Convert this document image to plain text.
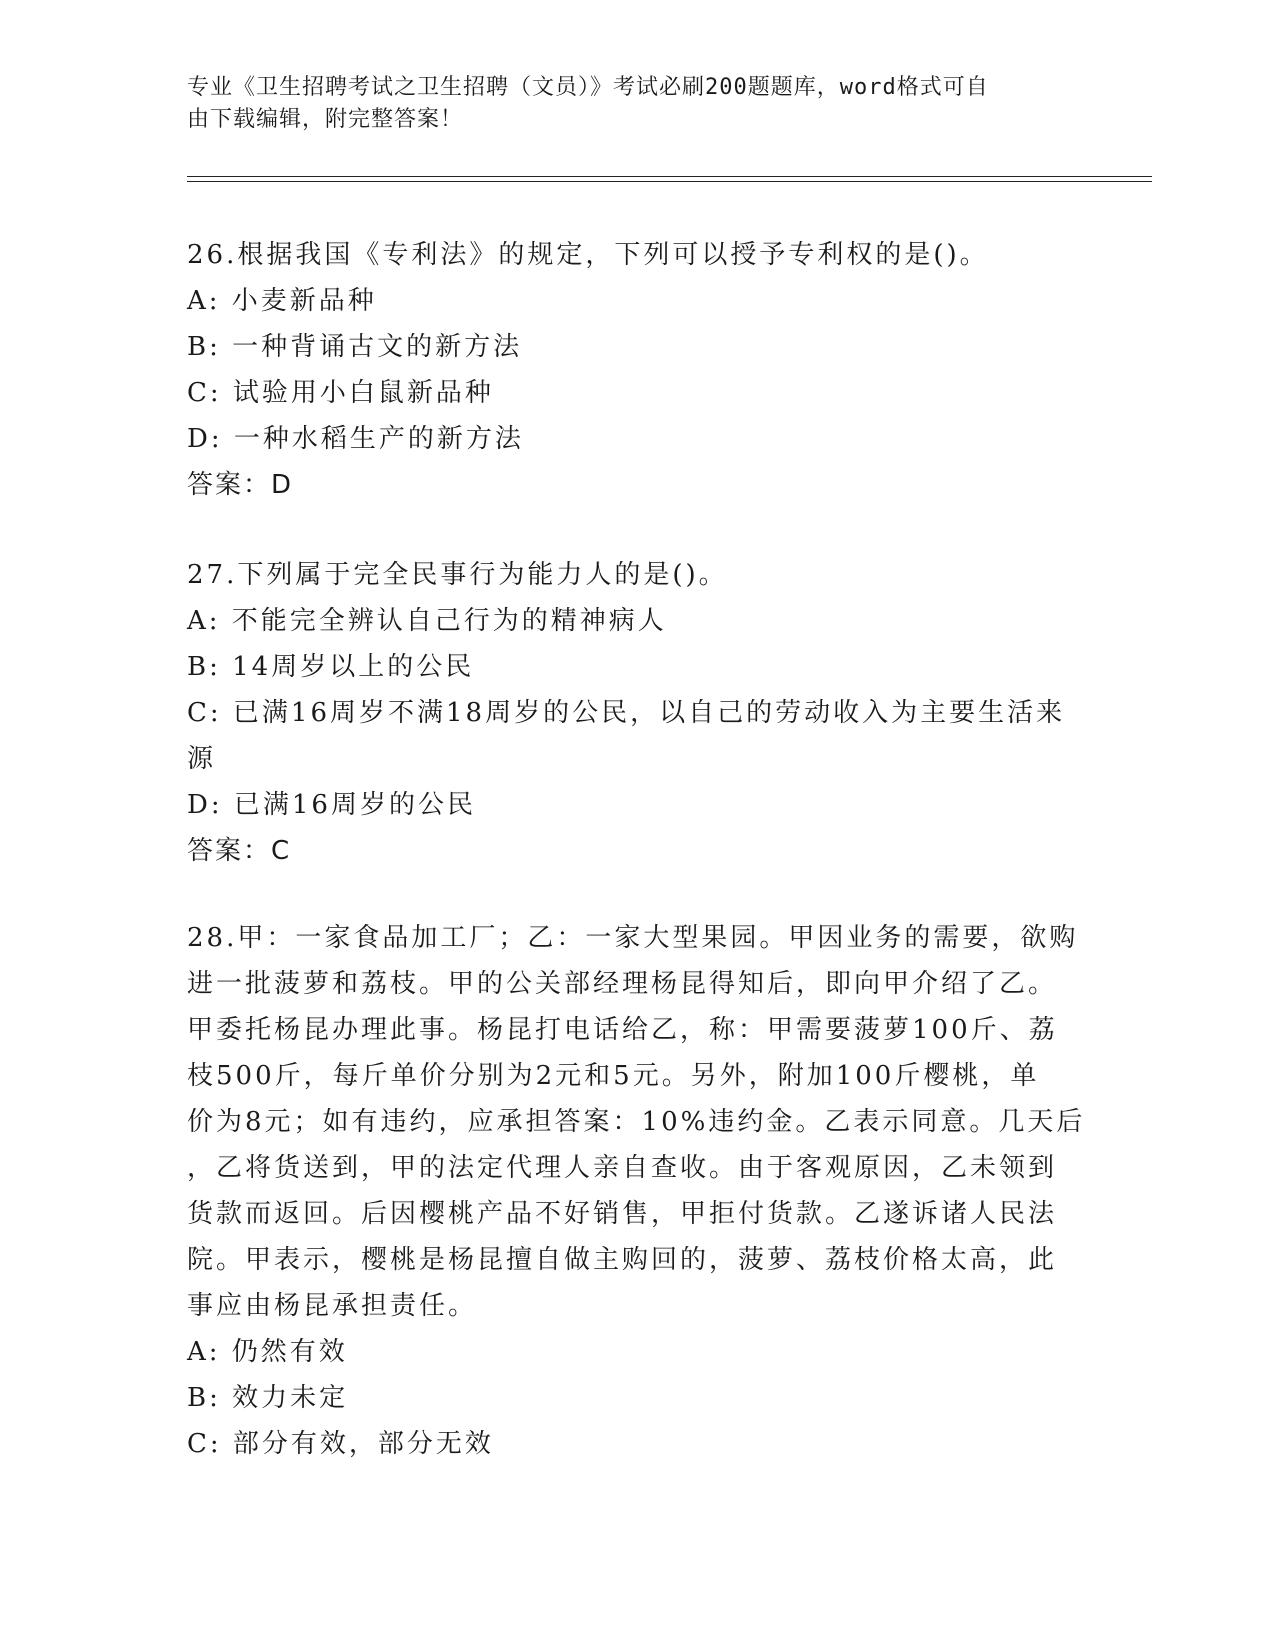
专业《卫生招聘考试之卫生招聘（文员）》考试必刷200题题库，word格式可自
由下载编辑，附完整答案！
26.根据我国《专利法》的规定，下列可以授予专利权的是()。
A: 小麦新品种
B: 一种背诵古文的新方法
C: 试验用小白鼠新品种
D: 一种水稻生产的新方法
答案：D
27.下列属于完全民事行为能力人的是()。
A: 不能完全辨认自己行为的精神病人
B: 14周岁以上的公民
C: 已满16周岁不满18周岁的公民，以自己的劳动收入为主要生活来
源
D: 已满16周岁的公民
答案：C
28.甲：一家食品加工厂；乙：一家大型果园。甲因业务的需要，欲购
进一批菠萝和荔枝。甲的公关部经理杨昆得知后，即向甲介绍了乙。
甲委托杨昆办理此事。杨昆打电话给乙，称：甲需要菠萝100斤、荔
枝500斤，每斤单价分别为2元和5元。另外，附加100斤樱桃，单
价为8元；如有违约，应承担答案：10%违约金。乙表示同意。几天后
，乙将货送到，甲的法定代理人亲自查收。由于客观原因，乙未领到
货款而返回。后因樱桃产品不好销售，甲拒付货款。乙遂诉诸人民法
院。甲表示，樱桃是杨昆擅自做主购回的，菠萝、荔枝价格太高，此
事应由杨昆承担责任。
A: 仍然有效
B: 效力未定
C: 部分有效，部分无效
